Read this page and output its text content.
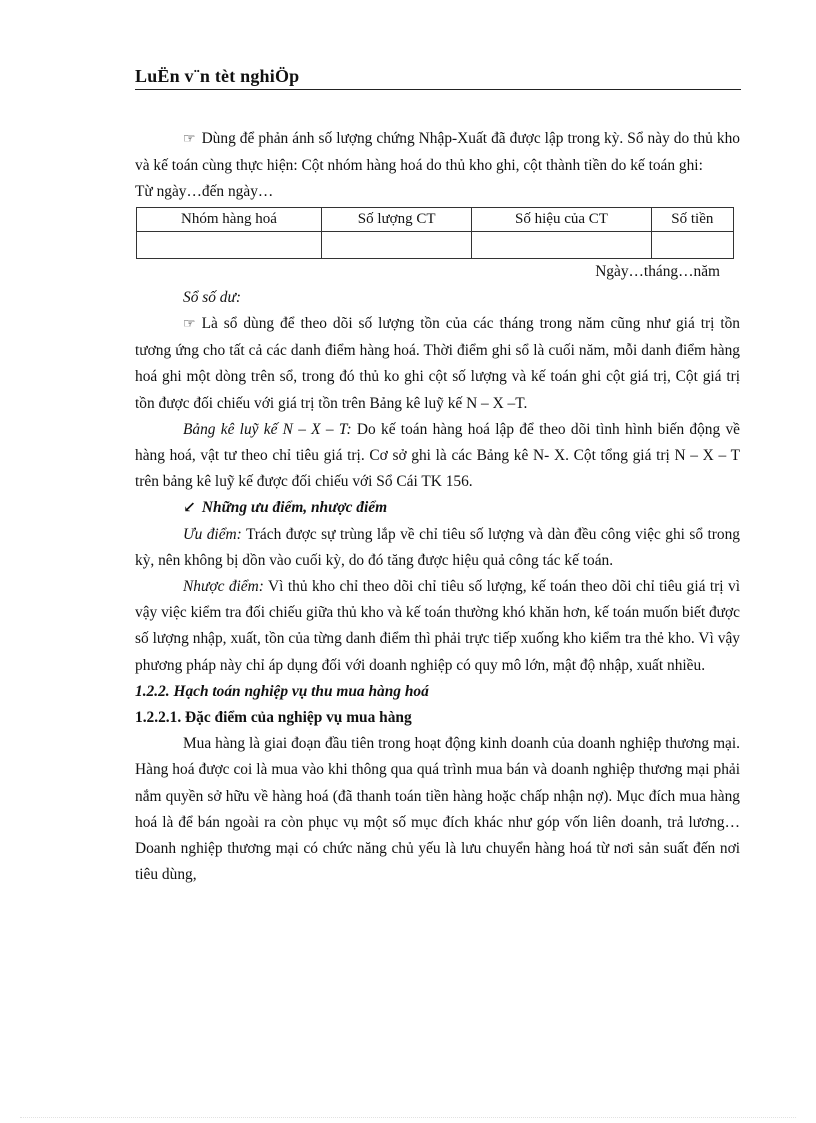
LuËn v¨n tèt nghiÖp

☞ Dùng để phản ánh số lượng chứng Nhập-Xuất đã được lập trong kỳ. Sổ này do thủ kho và kế toán cùng thực hiện: Cột nhóm hàng hoá do thủ kho ghi, cột thành tiền do kế toán ghi:

Từ ngày…đến ngày…

Nhóm hàng hoá	Số lượng CT	Số hiệu của CT	Số tiền

Ngày…tháng…năm

Sổ số dư:

☞ Là sổ dùng để theo dõi số lượng tồn của các tháng trong năm cũng như giá trị tồn tương ứng cho tất cả các danh điểm hàng hoá. Thời điểm ghi sổ là cuối năm, mỗi danh điểm hàng hoá ghi một dòng trên sổ, trong đó thủ ko ghi cột số lượng và kế toán ghi cột giá trị, Cột giá trị tồn được đối chiếu với giá trị tồn trên Bảng kê luỹ kế N – X –T.

Bảng kê luỹ kế N – X – T: Do kế toán hàng hoá lập để theo dõi tình hình biến động về hàng hoá, vật tư theo chỉ tiêu giá trị. Cơ sở ghi là các Bảng kê N- X. Cột tổng giá trị N – X – T trên bảng kê luỹ kế được đối chiếu với Sổ Cái TK 156.

↙ Những ưu điểm, nhược điểm

Ưu điểm: Trách được sự trùng lắp về chỉ tiêu số lượng và dàn đều công việc ghi sổ trong kỳ, nên không bị dồn vào cuối kỳ, do đó tăng được hiệu quả công tác kế toán.

Nhược điểm: Vì thủ kho chỉ theo dõi chỉ tiêu số lượng, kế toán theo dõi chỉ tiêu giá trị vì vậy việc kiểm tra đối chiếu giữa thủ kho và kế toán thường khó khăn hơn, kế toán muốn biết được số lượng nhập, xuất, tồn của từng danh điểm thì phải trực tiếp xuống kho kiểm tra thẻ kho. Vì vậy phương pháp này chỉ áp dụng đối với doanh nghiệp có quy mô lớn, mật độ nhập, xuất nhiều.

1.2.2. Hạch toán nghiệp vụ thu mua hàng hoá

1.2.2.1. Đặc điểm của nghiệp vụ mua hàng

Mua hàng là giai đoạn đầu tiên trong hoạt động kinh doanh của doanh nghiệp thương mại. Hàng hoá được coi là mua vào khi thông qua quá trình mua bán và doanh nghiệp thương mại phải nắm quyền sở hữu về hàng hoá (đã thanh toán tiền hàng hoặc chấp nhận nợ). Mục đích mua hàng hoá là để bán ngoài ra còn phục vụ một số mục đích khác như góp vốn liên doanh, trả lương…Doanh nghiệp thương mại có chức năng chủ yếu là lưu chuyển hàng hoá từ nơi sản suất đến nơi tiêu dùng,
